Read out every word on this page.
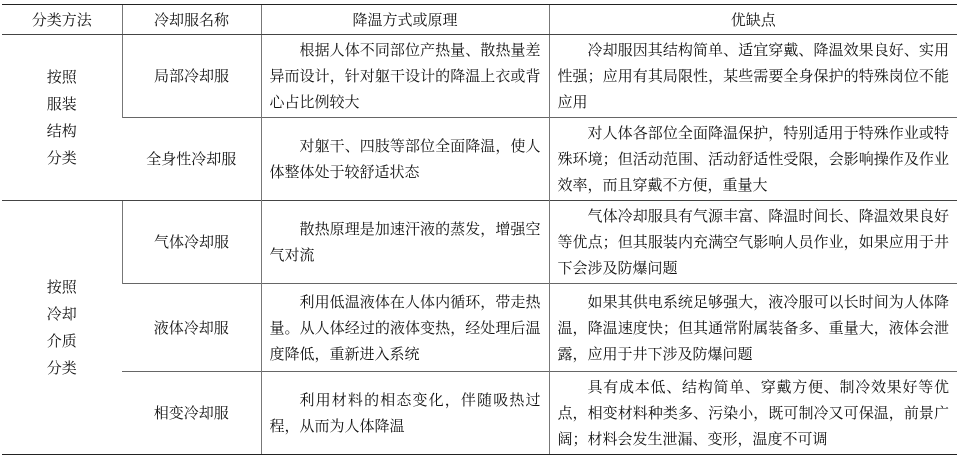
分类方法	冷却服名称	降温方式或原理	优缺点

按照
服装
结构
分类	局部冷却服	根据人体不同部位产热量、散热量差异而设计，针对躯干设计的降温上衣或背心占比例较大	冷却服因其结构简单、适宜穿戴、降温效果良好、实用性强；应用有其局限性，某些需要全身保护的特殊岗位不能应用

	全身性冷却服	对躯干、四肢等部位全面降温，使人体整体处于较舒适状态	对人体各部位全面降温保护，特别适用于特殊作业或特殊环境；但活动范围、活动舒适性受限，会影响操作及作业效率，而且穿戴不方便，重量大

按照
冷却
介质
分类	气体冷却服	散热原理是加速汗液的蒸发，增强空气对流	气体冷却服具有气源丰富、降温时间长、降温效果良好等优点；但其服装内充满空气影响人员作业，如果应用于井下会涉及防爆问题

	液体冷却服	利用低温液体在人体内循环，带走热量。从人体经过的液体变热，经处理后温度降低，重新进入系统	如果其供电系统足够强大，液冷服可以长时间为人体降温，降温速度快；但其通常附属装备多、重量大，液体会泄露，应用于井下涉及防爆问题

	相变冷却服	利用材料的相态变化，伴随吸热过程，从而为人体降温	具有成本低、结构简单、穿戴方便、制冷效果好等优点，相变材料种类多、污染小，既可制冷又可保温，前景广阔；材料会发生泄漏、变形，温度不可调
